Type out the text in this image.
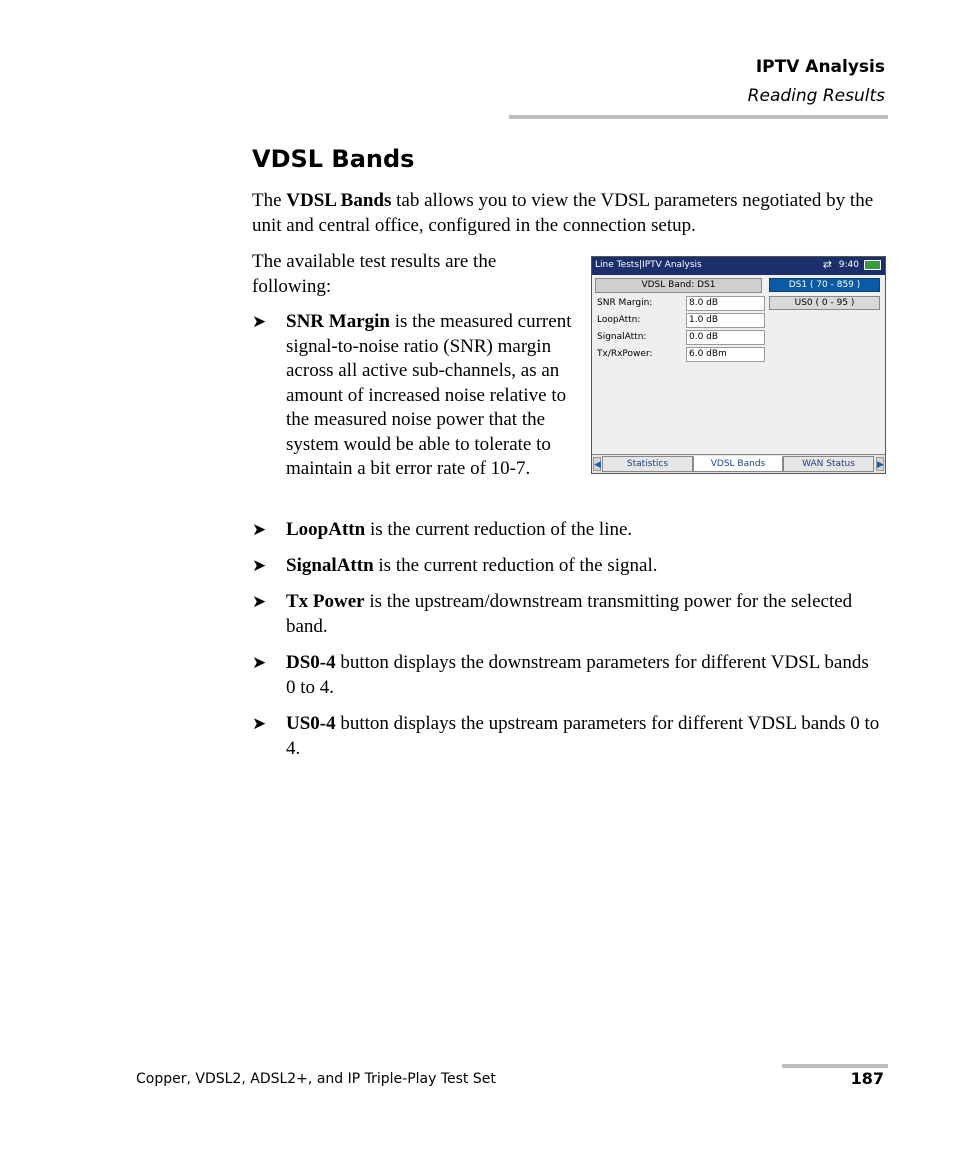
IPTV Analysis
Reading Results
VDSL Bands

The VDSL Bands tab allows you to view the VDSL parameters negotiated by the unit and central office, configured in the connection setup.

The available test results are the following:

➤	SNR Margin is the measured current signal-to-noise ratio (SNR) margin across all active sub-channels, as an amount of increased noise relative to the measured noise power that the system would be able to tolerate to maintain a bit error rate of 10-7.
➤	LoopAttn is the current reduction of the line.
➤	SignalAttn is the current reduction of the signal.
➤	Tx Power is the upstream/downstream transmitting power for the selected band.
➤	DS0-4 button displays the downstream parameters for different VDSL bands 0 to 4.
➤	US0-4 button displays the upstream parameters for different VDSL bands 0 to 4.
Line Tests|IPTV Analysis	⇄ 9:40
VDSL Band: DS1	DS1 ( 70 - 859 )
US0 ( 0 - 95 )
SNR Margin:	8.0 dB
LoopAttn:	1.0 dB
SignalAttn:	0.0 dB
Tx/RxPower:	6.0 dBm
◀	Statistics	VDSL Bands	WAN Status	▶
Copper, VDSL2, ADSL2+, and IP Triple-Play Test Set	187
